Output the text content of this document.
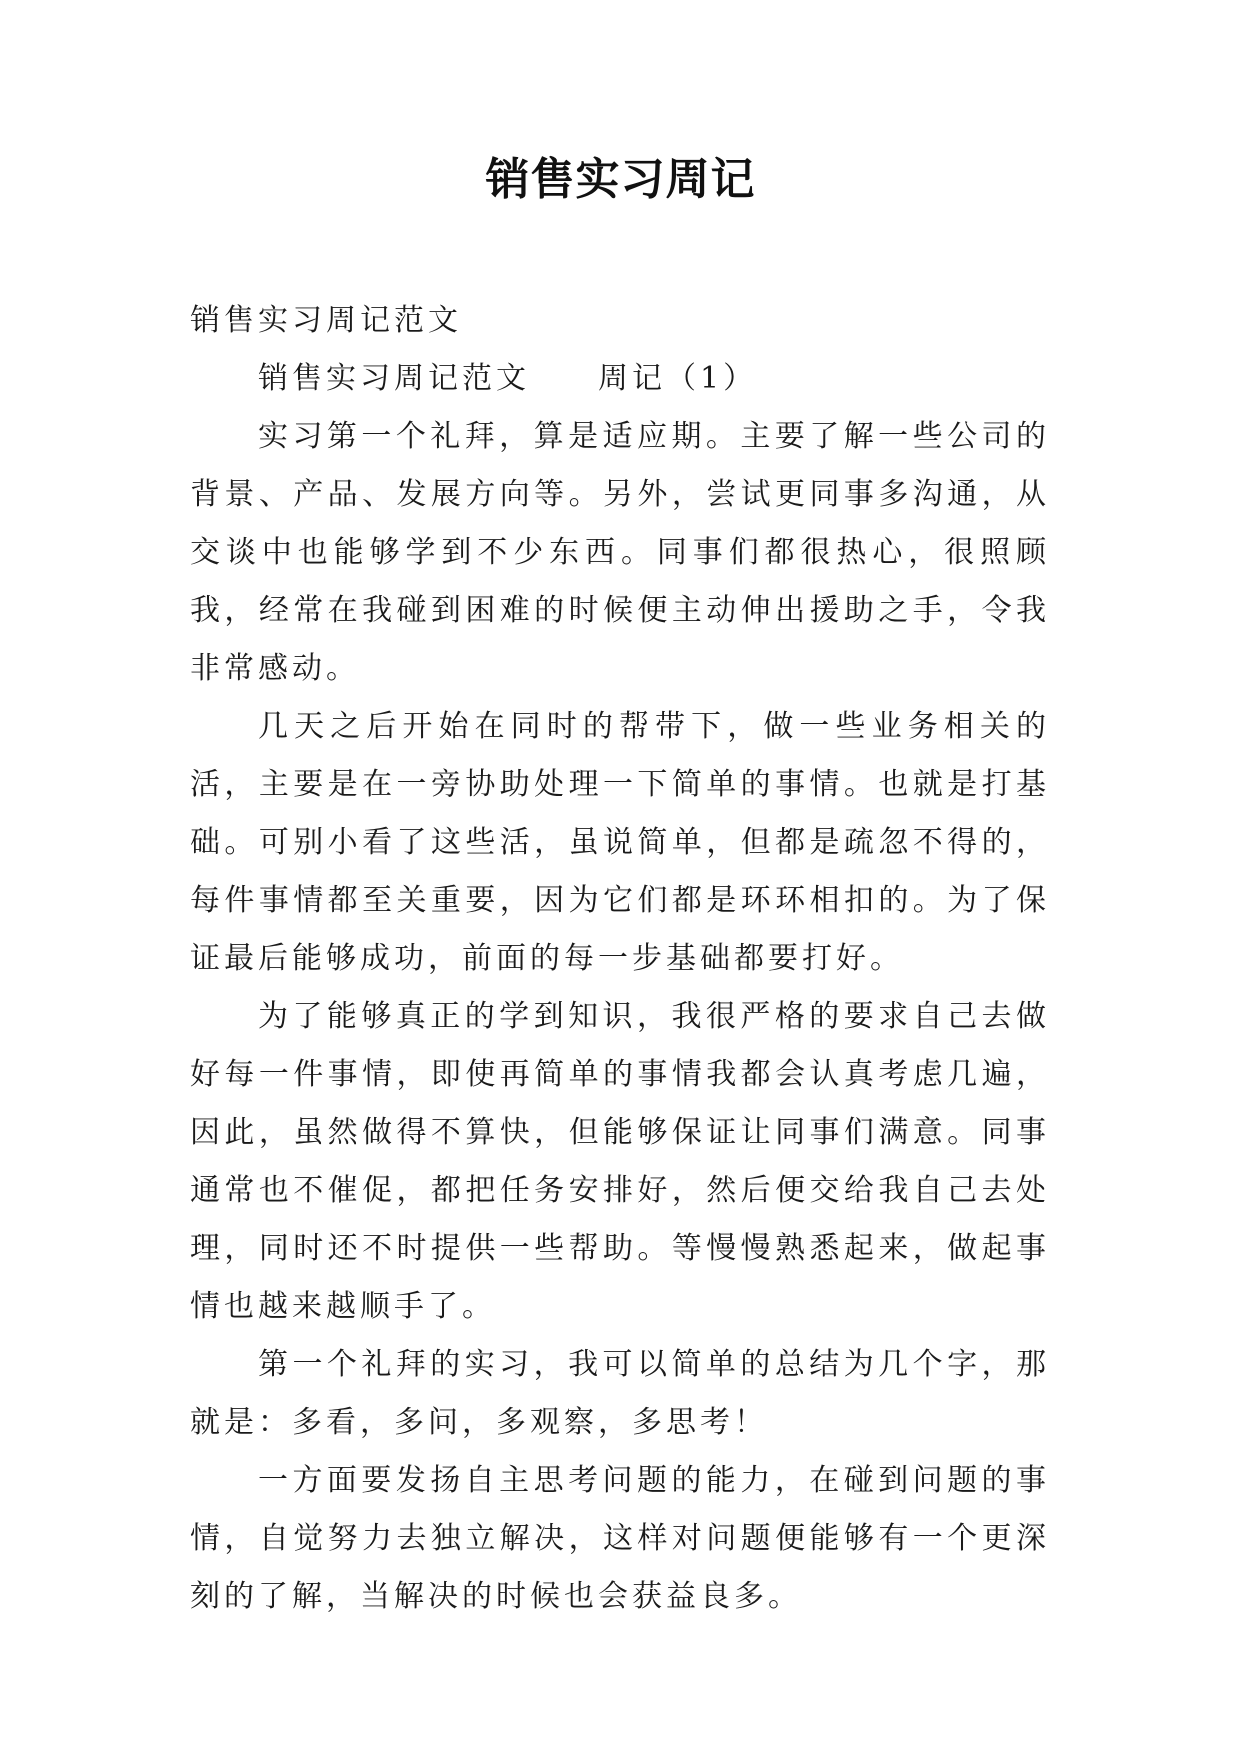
销售实习周记

销售实习周记范文

销售实习周记范文　　周记（1）

实习第一个礼拜，算是适应期。主要了解一些公司的背景、产品、发展方向等。另外，尝试更同事多沟通，从交谈中也能够学到不少东西。同事们都很热心，很照顾我，经常在我碰到困难的时候便主动伸出援助之手，令我非常感动。

几天之后开始在同时的帮带下，做一些业务相关的活，主要是在一旁协助处理一下简单的事情。也就是打基础。可别小看了这些活，虽说简单，但都是疏忽不得的，每件事情都至关重要，因为它们都是环环相扣的。为了保证最后能够成功，前面的每一步基础都要打好。

为了能够真正的学到知识，我很严格的要求自己去做好每一件事情，即使再简单的事情我都会认真考虑几遍，因此，虽然做得不算快，但能够保证让同事们满意。同事通常也不催促，都把任务安排好，然后便交给我自己去处理，同时还不时提供一些帮助。等慢慢熟悉起来，做起事情也越来越顺手了。

第一个礼拜的实习，我可以简单的总结为几个字，那就是：多看，多问，多观察，多思考！

一方面要发扬自主思考问题的能力，在碰到问题的事情，自觉努力去独立解决，这样对问题便能够有一个更深刻的了解，当解决的时候也会获益良多。
